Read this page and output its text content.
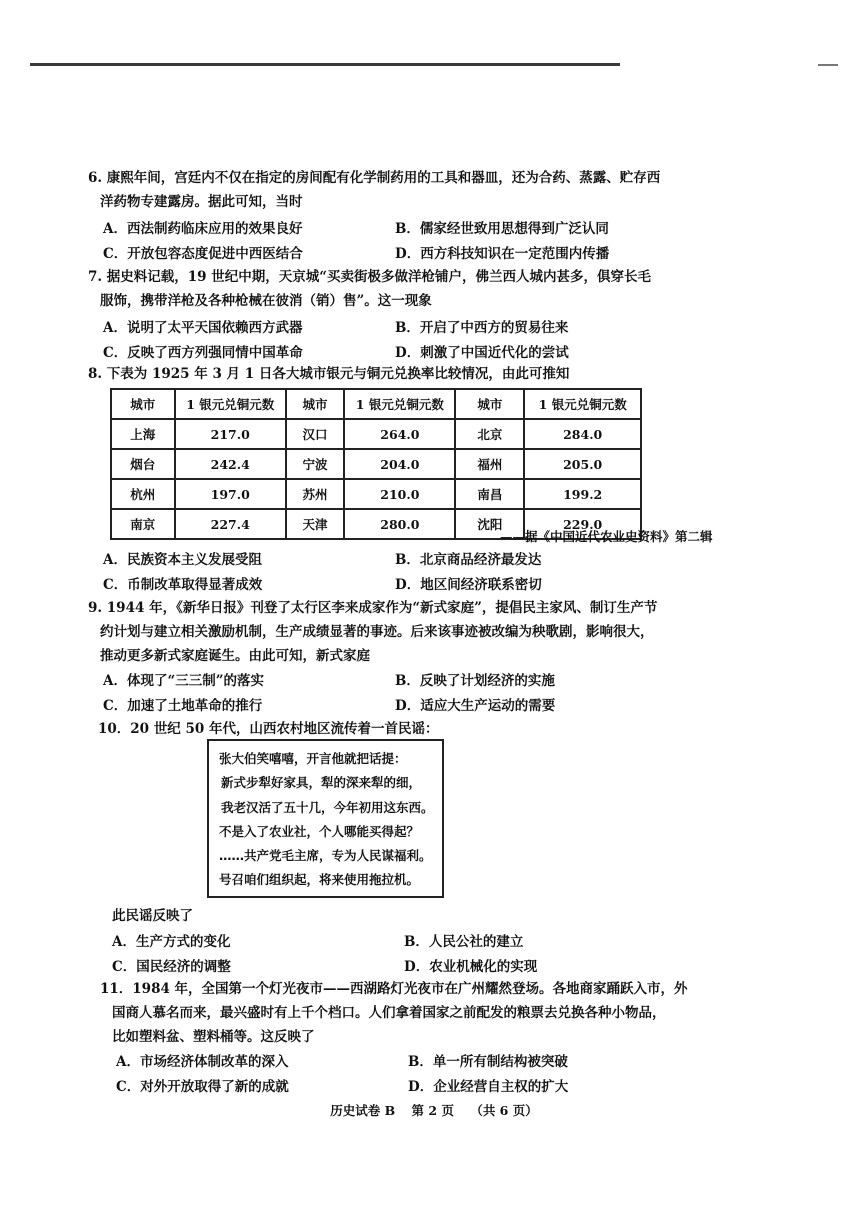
6. 康熙年间，宫廷内不仅在指定的房间配有化学制药用的工具和器皿，还为合药、蒸露、贮存西
洋药物专建露房。据此可知，当时
A．西法制药临床应用的效果良好	B．儒家经世致用思想得到广泛认同
C．开放包容态度促进中西医结合	D．西方科技知识在一定范围内传播
7. 据史料记载，19 世纪中期，天京城“买卖街极多做洋枪铺户，佛兰西人城内甚多，俱穿长毛
服饰，携带洋枪及各种枪械在彼消（销）售”。这一现象
A．说明了太平天国依赖西方武器	B．开启了中西方的贸易往来
C．反映了西方列强同情中国革命	D．刺激了中国近代化的尝试
8. 下表为 1925 年 3 月 1 日各大城市银元与铜元兑换率比较情况，由此可推知
城市	1 银元兑铜元数	城市	1 银元兑铜元数	城市	1 银元兑铜元数
上海	217.0	汉口	264.0	北京	284.0
烟台	242.4	宁波	204.0	福州	205.0
杭州	197.0	苏州	210.0	南昌	199.2
南京	227.4	天津	280.0	沈阳	229.0
——据《中国近代农业史资料》第二辑
A．民族资本主义发展受阻	B．北京商品经济最发达
C．币制改革取得显著成效	D．地区间经济联系密切
9. 1944 年，《新华日报》刊登了太行区李来成家作为“新式家庭”，提倡民主家风、制订生产节
约计划与建立相关激励机制，生产成绩显著的事迹。后来该事迹被改编为秧歌剧，影响很大，
推动更多新式家庭诞生。由此可知，新式家庭
A．体现了“三三制”的落实	B．反映了计划经济的实施
C．加速了土地革命的推行	D．适应大生产运动的需要
10．20 世纪 50 年代，山西农村地区流传着一首民谣：
张大伯笑嘻嘻，开言他就把话提：
新式步犁好家具，犁的深来犁的细，
我老汉活了五十几，今年初用这东西。
不是入了农业社，个人哪能买得起？
……共产党毛主席，专为人民谋福利。
号召咱们组织起，将来使用拖拉机。
此民谣反映了
A．生产方式的变化	B．人民公社的建立
C．国民经济的调整	D．农业机械化的实现
11．1984 年，全国第一个灯光夜市——西湖路灯光夜市在广州耀然登场。各地商家踊跃入市，外
国商人慕名而来，最兴盛时有上千个档口。人们拿着国家之前配发的粮票去兑换各种小物品，
比如塑料盆、塑料桶等。这反映了
A．市场经济体制改革的深入	B．单一所有制结构被突破
C．对外开放取得了新的成就	D．企业经营自主权的扩大
历史试卷 B 第 2 页 （共 6 页）
